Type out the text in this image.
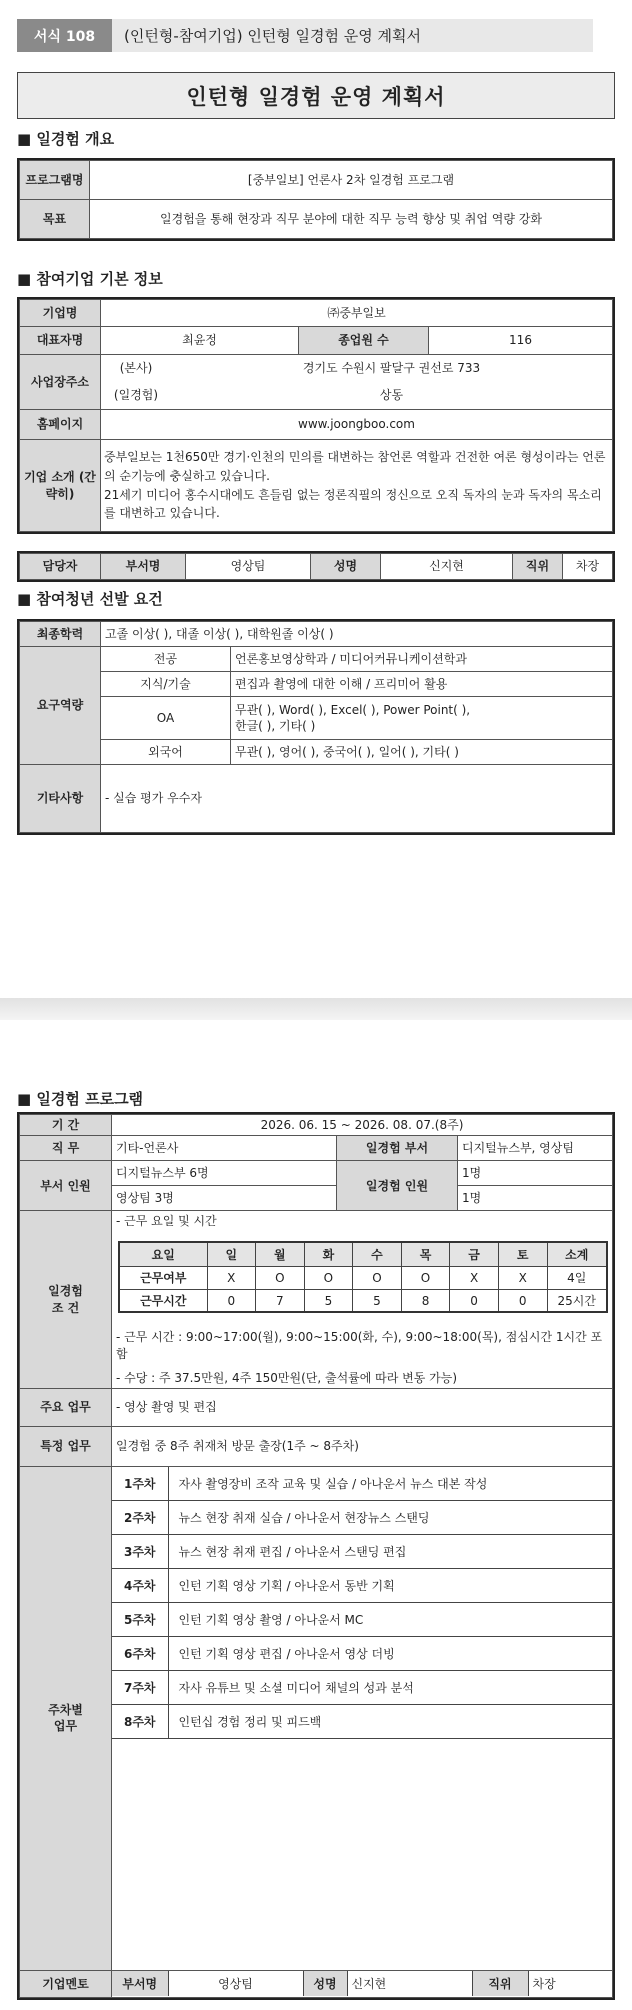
서식 108	(인턴형-참여기업) 인턴형 일경험 운영 계획서
인턴형 일경험 운영 계획서
■ 일경험 개요
프로그램명	[중부일보] 언론사 2차 일경험 프로그램
목표	일경험을 통해 현장과 직무 분야에 대한 직무 능력 향상 및 취업 역량 강화
■ 참여기업 기본 정보
기업명	㈜중부일보		
대표자명	최윤정	종업원 수	116
사업장주소	(본사) 경기도 수원시 팔달구 권선로 733
(일경험) 상동		

홈페이지	www.joongboo.com		
기업 소개 (간략히)	중부일보는 1천650만 경기·인천의 민의를 대변하는 참언론 역할과 건전한 여론 형성이라는 언론의 순기능에 충실하고 있습니다.
21세기 미디어 홍수시대에도 흔들림 없는 정론직필의 정신으로 오직 독자의 눈과 독자의 목소리를 대변하고 있습니다.		
담당자	부서명	영상팀	성명	신지현	직위	차장
■ 참여청년 선발 요건
최종학력	고졸 이상( ), 대졸 이상( ), 대학원졸 이상( )	
요구역량	전공	언론홍보영상학과 / 미디어커뮤니케이션학과
	지식/기술	편집과 촬영에 대한 이해 / 프리미어 활용
	OA	무관( ), Word( ), Excel( ), Power Point( ),
한글( ), 기타( )

	외국어	무관( ), 영어( ), 중국어( ), 일어( ), 기타( )
기타사항	- 실습 평가 우수자	
■ 일경험 프로그램
기 간	2026. 06. 15 ~ 2026. 08. 07.(8주)
직 무	기타-언론사	일경험 부서	디지털뉴스부, 영상팀
부서 인원	디지털뉴스부 6명	일경험 인원	1명
영상팀 3명	1명

일경험 조 건

- 근무 요일 및 시간
요일	일	월	화	수	목	금	토	소계
근무여부	X	O	O	O	O	X	X	4일
근무시간	0	7	5	5	8	0	0	25시간
- 근무 시간 : 9:00~17:00(월), 9:00~15:00(화, 수), 9:00~18:00(목), 점심시간 1시간 포함
- 수당 : 주 37.5만원, 4주 150만원(단, 출석률에 따라 변동 가능)

주요 업무	- 영상 촬영 및 편집
특정 업무	일경험 중 8주 취재처 방문 출장(1주 ~ 8주차)

주차별 업무

1주차	자사 촬영장비 조작 교육 및 실습 / 아나운서 뉴스 대본 작성
2주차	뉴스 현장 취재 실습 / 아나운서 현장뉴스 스탠딩
3주차	뉴스 현장 취재 편집 / 아나운서 스탠딩 편집
4주차	인턴 기획 영상 기획 / 아나운서 동반 기획
5주차	인턴 기획 영상 촬영 / 아나운서 MC
6주차	인턴 기획 영상 편집 / 아나운서 영상 더빙
7주차	자사 유튜브 및 소셜 미디어 채널의 성과 분석
8주차	인턴십 경험 정리 및 피드백

기업멘토		부서명	영상팀	성명	신지현	직위	차장
